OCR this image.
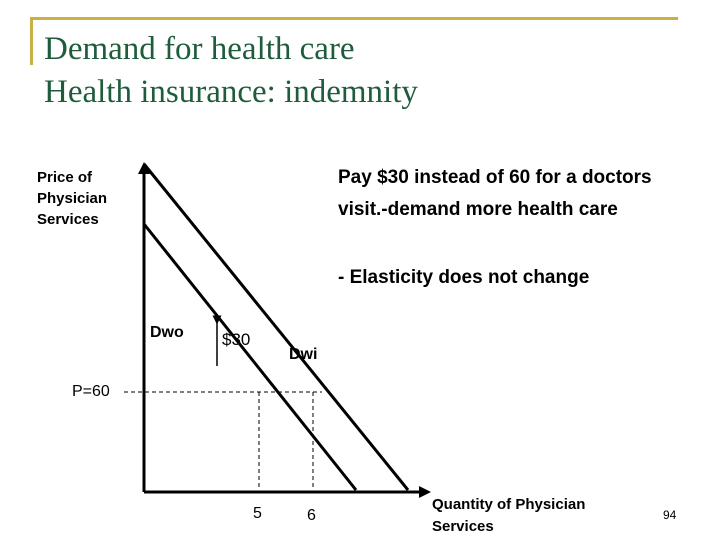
Demand for health care
Health insurance: indemnity
Price of Physician Services
Pay $30 instead of 60 for a doctors visit.-demand more health care
- Elasticity does not change
Dwo $30
Dwi
P=60
5	6
Quantity of Physician Services
94
